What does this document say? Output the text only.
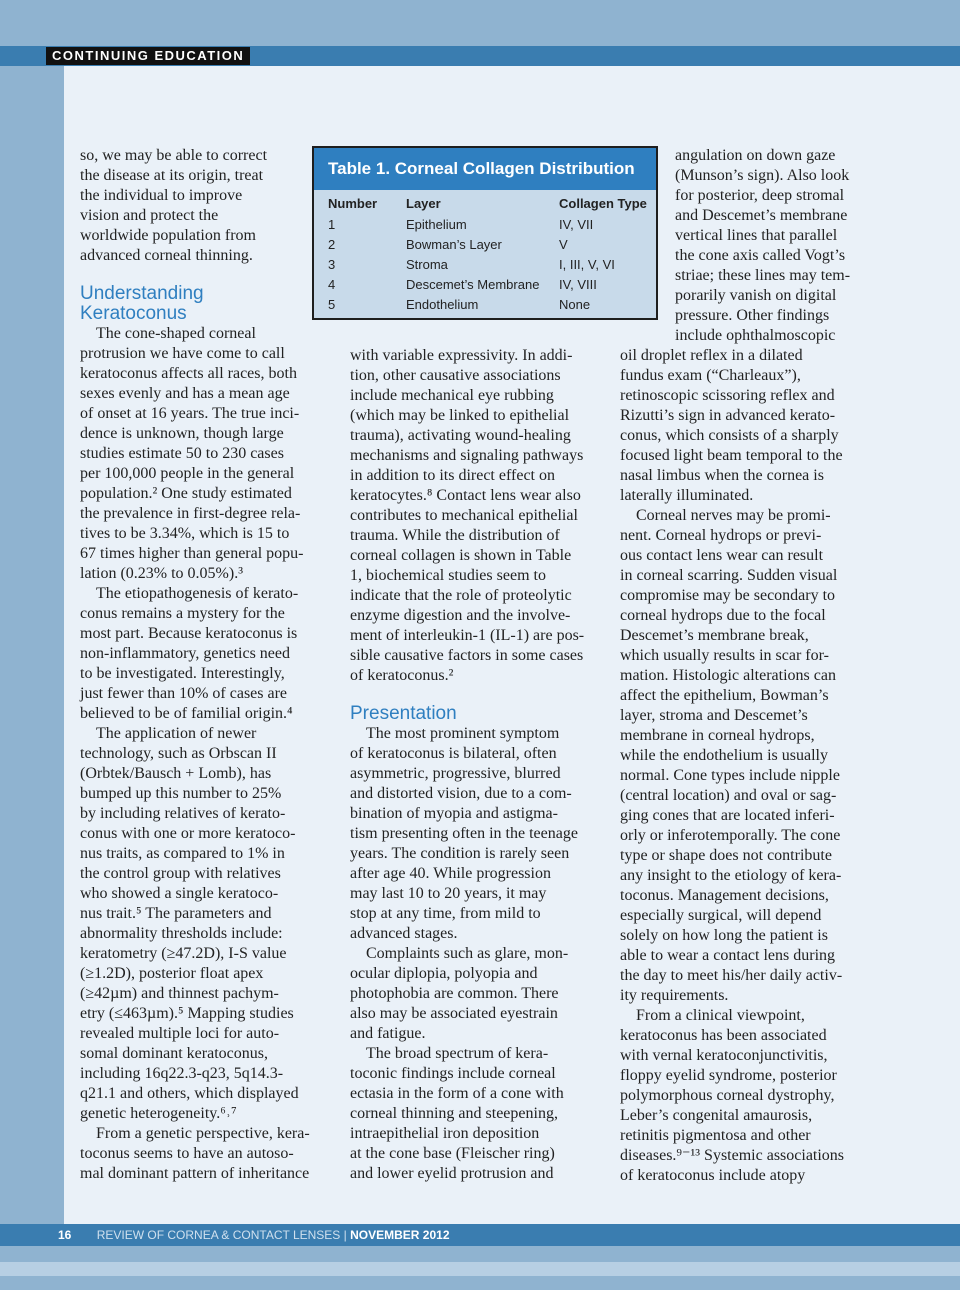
CONTINUING EDUCATION

so, we may be able to correct
the disease at its origin, treat
the individual to improve
vision and protect the
worldwide population from
advanced corneal thinning.

Understanding
Keratoconus

The cone-shaped corneal
protrusion we have come to call
keratoconus affects all races, both
sexes evenly and has a mean age
of onset at 16 years. The true inci-
dence is unknown, though large
studies estimate 50 to 230 cases
per 100,000 people in the general
population.² One study estimated
the prevalence in first-degree rela-
tives to be 3.34%, which is 15 to
67 times higher than general popu-
lation (0.23% to 0.05%).³

The etiopathogenesis of kerato-
conus remains a mystery for the
most part. Because keratoconus is
non-inflammatory, genetics need
to be investigated. Interestingly,
just fewer than 10% of cases are
believed to be of familial origin.⁴

The application of newer
technology, such as Orbscan II
(Orbtek/Bausch + Lomb), has
bumped up this number to 25%
by including relatives of kerato-
conus with one or more keratoco-
nus traits, as compared to 1% in
the control group with relatives
who showed a single keratoco-
nus trait.⁵ The parameters and
abnormality thresholds include:
keratometry (≥47.2D), I-S value
(≥1.2D), posterior float apex
(≥42µm) and thinnest pachym-
etry (≤463µm).⁵ Mapping studies
revealed multiple loci for auto-
somal dominant keratoconus,
including 16q22.3-q23, 5q14.3-
q21.1 and others, which displayed
genetic heterogeneity.⁶˒⁷

From a genetic perspective, kera-
toconus seems to have an autoso-
mal dominant pattern of inheritance

Table 1. Corneal Collagen Distribution
Number	Layer	Collagen Type
1	Epithelium	IV, VII
2	Bowman’s Layer	V
3	Stroma	I, III, V, VI
4	Descemet’s Membrane	IV, VIII
5	Endothelium	None

with variable expressivity. In addi-
tion, other causative associations
include mechanical eye rubbing
(which may be linked to epithelial
trauma), activating wound-healing
mechanisms and signaling pathways
in addition to its direct effect on
keratocytes.⁸ Contact lens wear also
contributes to mechanical epithelial
trauma. While the distribution of
corneal collagen is shown in Table
1, biochemical studies seem to
indicate that the role of proteolytic
enzyme digestion and the involve-
ment of interleukin-1 (IL-1) are pos-
sible causative factors in some cases
of keratoconus.²

Presentation

The most prominent symptom
of keratoconus is bilateral, often
asymmetric, progressive, blurred
and distorted vision, due to a com-
bination of myopia and astigma-
tism presenting often in the teenage
years. The condition is rarely seen
after age 40. While progression
may last 10 to 20 years, it may
stop at any time, from mild to
advanced stages.

Complaints such as glare, mon-
ocular diplopia, polyopia and
photophobia are common. There
also may be associated eyestrain
and fatigue.

The broad spectrum of kera-
toconic findings include corneal
ectasia in the form of a cone with
corneal thinning and steepening,
intraepithelial iron deposition
at the cone base (Fleischer ring)
and lower eyelid protrusion and

angulation on down gaze
(Munson’s sign). Also look
for posterior, deep stromal
and Descemet’s membrane
vertical lines that parallel
the cone axis called Vogt’s
striae; these lines may tem-
porarily vanish on digital
pressure. Other findings
include ophthalmoscopic

oil droplet reflex in a dilated
fundus exam (“Charleaux”),
retinoscopic scissoring reflex and
Rizutti’s sign in advanced kerato-
conus, which consists of a sharply
focused light beam temporal to the
nasal limbus when the cornea is
laterally illuminated.

Corneal nerves may be promi-
nent. Corneal hydrops or previ-
ous contact lens wear can result
in corneal scarring. Sudden visual
compromise may be secondary to
corneal hydrops due to the focal
Descemet’s membrane break,
which usually results in scar for-
mation. Histologic alterations can
affect the epithelium, Bowman’s
layer, stroma and Descemet’s
membrane in corneal hydrops,
while the endothelium is usually
normal. Cone types include nipple
(central location) and oval or sag-
ging cones that are located inferi-
orly or inferotemporally. The cone
type or shape does not contribute
any insight to the etiology of kera-
toconus. Management decisions,
especially surgical, will depend
solely on how long the patient is
able to wear a contact lens during
the day to meet his/her daily activ-
ity requirements.

From a clinical viewpoint,
keratoconus has been associated
with vernal keratoconjunctivitis,
floppy eyelid syndrome, posterior
polymorphous corneal dystrophy,
Leber’s congenital amaurosis,
retinitis pigmentosa and other
diseases.⁹⁻¹³ Systemic associations
of keratoconus include atopy

16 REVIEW OF CORNEA & CONTACT LENSES | NOVEMBER 2012
